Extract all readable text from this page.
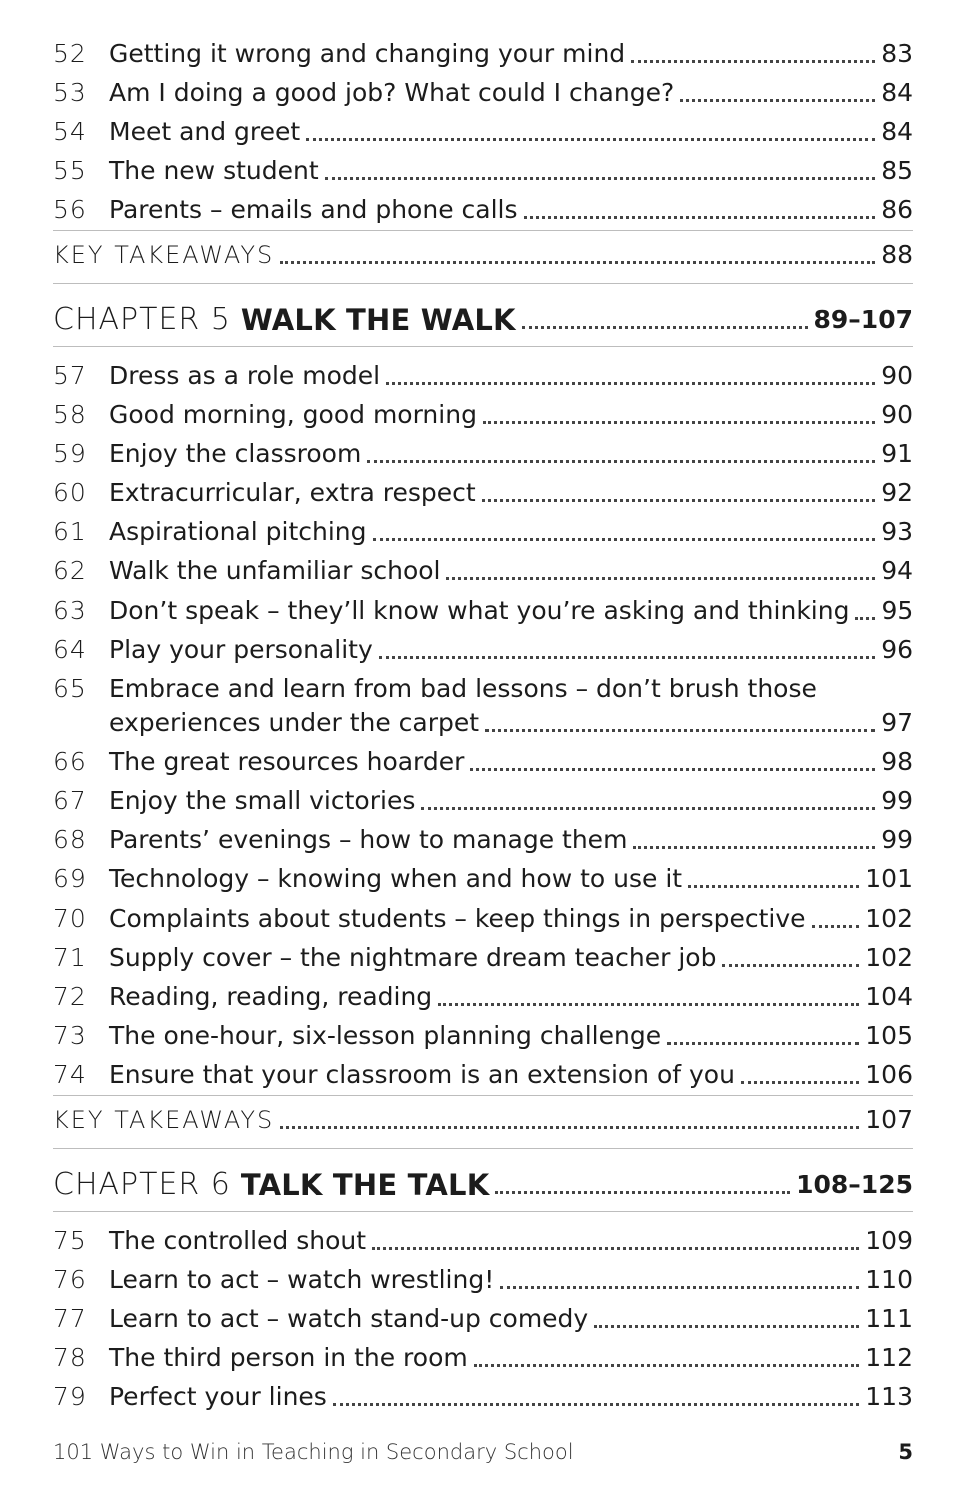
52 Getting it wrong and changing your mind	83
53 Am I doing a good job? What could I change?	84
54 Meet and greet	84
55 The new student	85
56 Parents – emails and phone calls	86
KEY TAKEAWAYS	88
CHAPTER 5 WALK THE WALK	89–107
57 Dress as a role model	90
58 Good morning, good morning	90
59 Enjoy the classroom	91
60 Extracurricular, extra respect	92
61 Aspirational pitching	93
62 Walk the unfamiliar school	94
63 Don’t speak – they’ll know what you’re asking and thinking 95
64 Play your personality	96
65 Embrace and learn from bad lessons – don’t brush those
experiences under the carpet	97
66 The great resources hoarder	98
67 Enjoy the small victories	99
68 Parents’ evenings – how to manage them	99
69 Technology – knowing when and how to use it	101
70 Complaints about students – keep things in perspective 102
71 Supply cover – the nightmare dream teacher job	102
72 Reading, reading, reading	104
73 The one-hour, six-lesson planning challenge	105
74 Ensure that your classroom is an extension of you	106
KEY TAKEAWAYS	107
CHAPTER 6 TALK THE TALK	108–125
75 The controlled shout	109
76 Learn to act – watch wrestling!	110
77 Learn to act – watch stand-up comedy	111
78 The third person in the room	112
79 Perfect your lines	113
101 Ways to Win in Teaching in Secondary School	5
